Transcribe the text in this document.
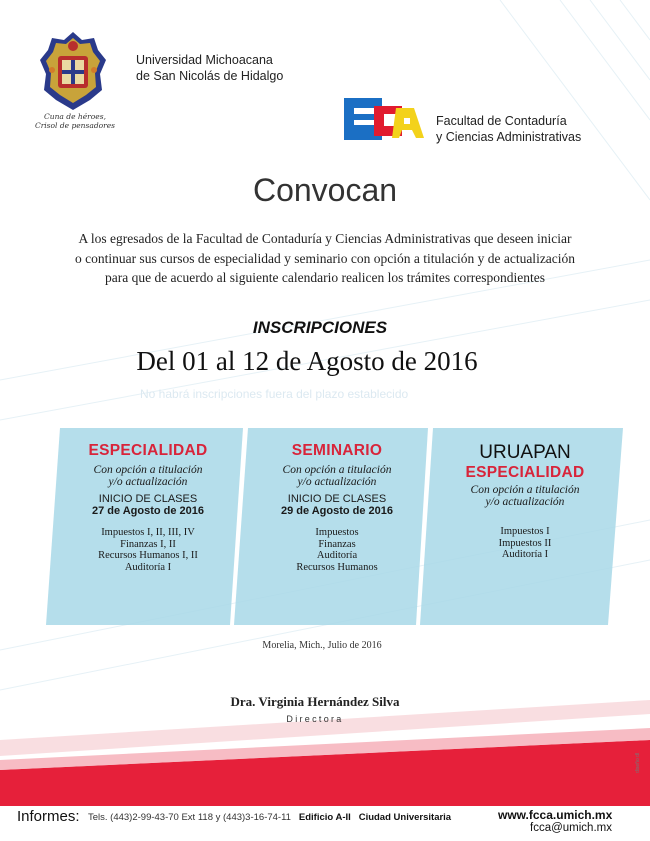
Cuna de héroes,
Crisol de pensadores
Universidad Michoacana
de San Nicolás de Hidalgo
Facultad de Contaduría
y Ciencias Administrativas
Convocan
A los egresados de la Facultad de Contaduría y Ciencias Administrativas que deseen iniciar
o continuar sus cursos de especialidad y seminario con opción a titulación y de actualización
para que de acuerdo al siguiente calendario realicen los trámites correspondientes
INSCRIPCIONES
Del 01 al 12 de Agosto de 2016
No habrá inscripciones fuera del plazo establecido
ESPECIALIDAD
Con opción a titulación
y/o actualización
INICIO DE CLASES
27 de Agosto de 2016
Impuestos I, II, III, IV
Finanzas I, II
Recursos Humanos I, II
Auditoría I
SEMINARIO
Con opción a titulación
y/o actualización
INICIO DE CLASES
29 de Agosto de 2016
Impuestos
Finanzas
Auditoría
Recursos Humanos
URUAPAN
ESPECIALIDAD
Con opción a titulación
y/o actualización
Impuestos I
Impuestos II
Auditoría I
Morelia, Mich., Julio de 2016
Dra. Virginia Hernández Silva
Directora
diseño dl
Informes: Tels. (443)2-99-43-70 Ext 118 y (443)3-16-74-11 Edificio A-II Ciudad Universitaria	www.fcca.umich.mx
fcca@umich.mx
